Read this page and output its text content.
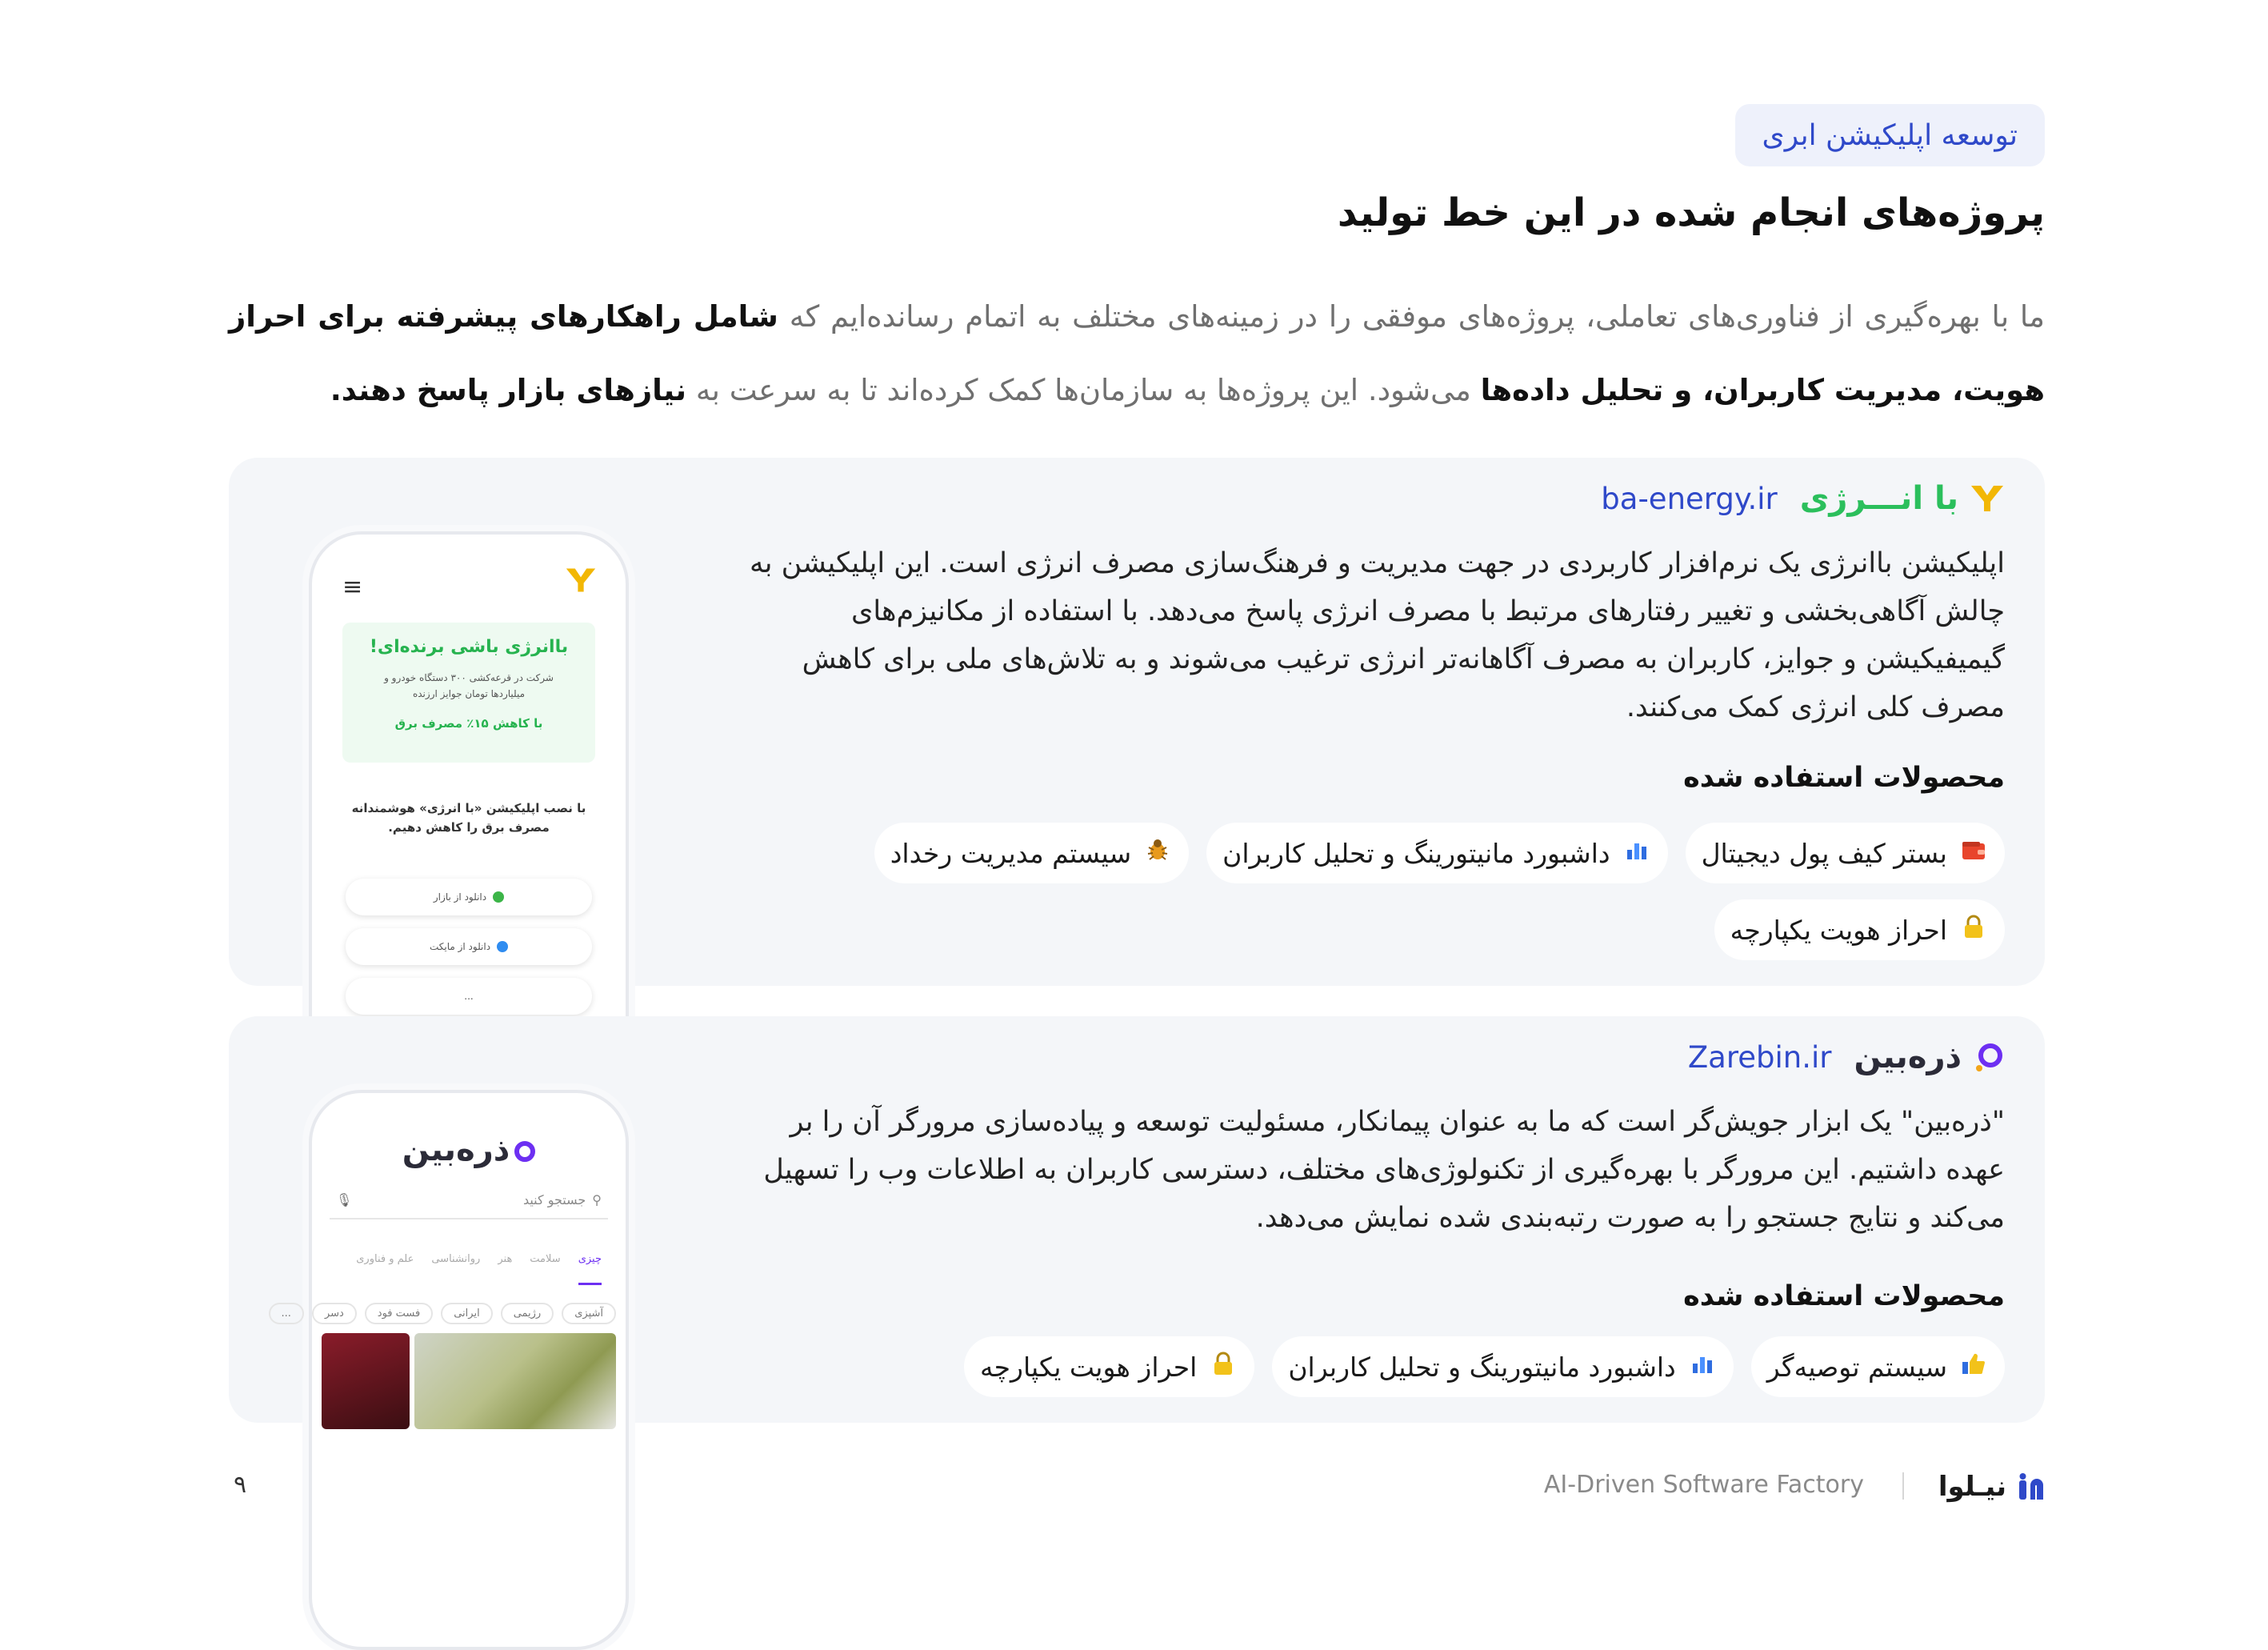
توسعه اپلیکیشن ابری
پروژه‌های انجام شده در این خط تولید

ما با بهره‌گیری از فناوری‌های تعاملی، پروژه‌های موفقی را در زمینه‌های مختلف به اتمام رسانده‌ایم که شامل راهکارهای پیشرفته برای احراز هویت، مدیریت کاربران، و تحلیل داده‌ها می‌شود. این پروژه‌ها به سازمان‌ها کمک کرده‌اند تا به سرعت به نیازهای بازار پاسخ دهند.

با انـــرژی
ba-energy.ir

اپلیکیشن باانرژی یک نرم‌افزار کاربردی در جهت مدیریت و فرهنگ‌سازی مصرف انرژی است. این اپلیکیشن به چالش آگاهی‌بخشی و تغییر رفتارهای مرتبط با مصرف انرژی پاسخ می‌دهد. با استفاده از مکانیزم‌های گیمیفیکیشن و جوایز، کاربران به مصرف آگاهانه‌تر انرژی ترغیب می‌شوند و به تلاش‌های ملی برای کاهش مصرف کلی انرژی کمک می‌کنند.

محصولات استفاده شده
بستر کیف پول دیجیتال
داشبورد مانیتورینگ و تحلیل کاربران
سیستم مدیریت رخداد
احراز هویت یکپارچه
≡
باانرژی باشی برنده‌ای!
شرکت در قرعه‌کشی ۳۰۰ دستگاه خودرو و میلیاردها تومان جوایز ارزنده
با کاهش ۱۵٪ مصرف برق
با نصب اپلیکیشن «با انرژی» هوشمندانه مصرف برق را کاهش دهیم.
دانلود از بازار
دانلود از مایکت
...
ذره‌بین
Zarebin.ir

"ذره‌بین" یک ابزار جویش‌گر است که ما به عنوان پیمانکار، مسئولیت توسعه و پیاده‌سازی مرورگر آن را بر عهده داشتیم. این مرورگر با بهره‌گیری از تکنولوژی‌های مختلف، دسترسی کاربران به اطلاعات وب را تسهیل می‌کند و نتایج جستجو را به صورت رتبه‌بندی شده نمایش می‌دهد.

محصولات استفاده شده
سیستم توصیه‌گر
داشبورد مانیتورینگ و تحلیل کاربران
احراز هویت یکپارچه
ذره‌بین
⚲
جستجو کنید
🎙
چیزی
سلامت
هنر
روانشناسی
علم و فناوری
آشپزی
رژیمی
ایرانی
فست فود
دسر
...
نیـلوا
AI-Driven Software Factory
۹
